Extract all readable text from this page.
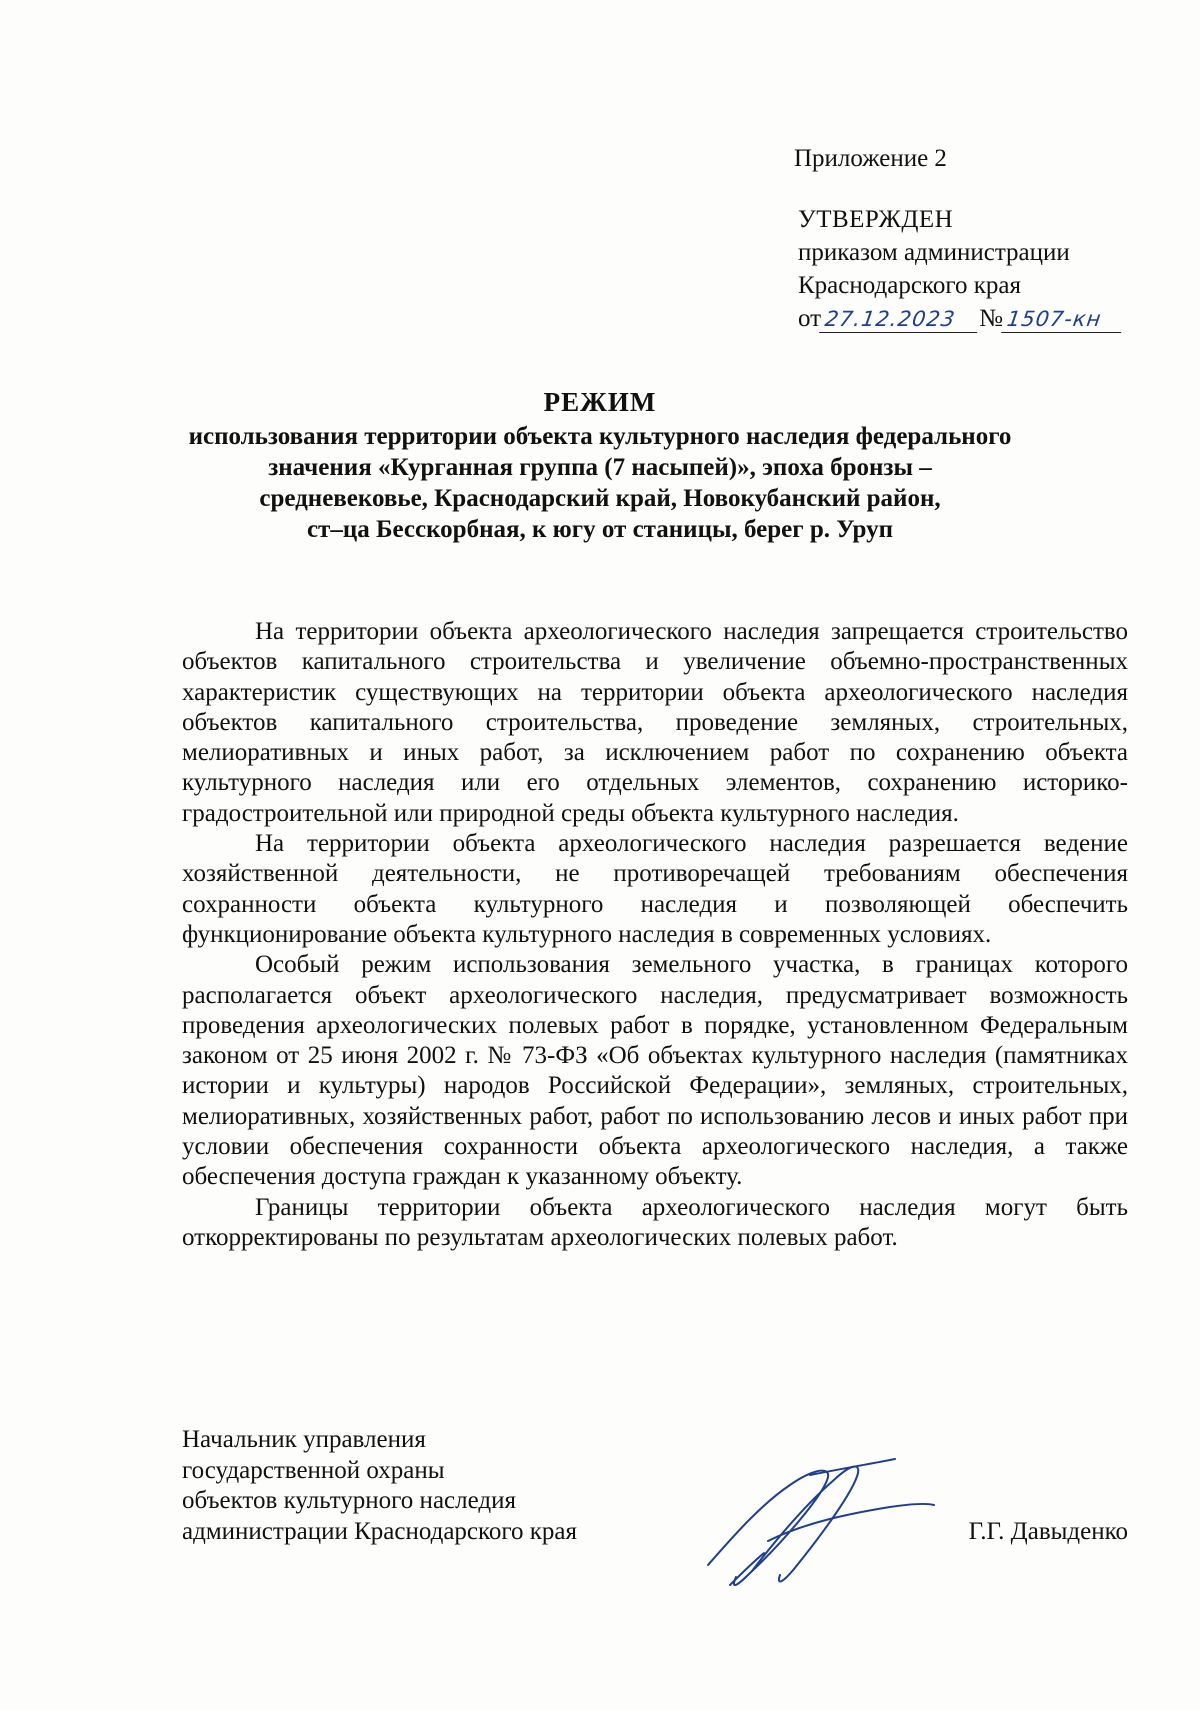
Приложение 2
УТВЕРЖДЕН
приказом администрации
Краснодарского края
от 27.12.2023 № 1507-кн
РЕЖИМ
использования территории объекта культурного наследия федерального
значения «Курганная группа (7 насыпей)», эпоха бронзы –
средневековье, Краснодарский край, Новокубанский район,
ст–ца Бесскорбная, к югу от станицы, берег р. Уруп

На территории объекта археологического наследия запрещается строительство объектов капитального строительства и увеличение объемно-пространственных характеристик существующих на территории объекта археологического наследия объектов капитального строительства, проведение земляных, строительных, мелиоративных и иных работ, за исключением работ по сохранению объекта культурного наследия или его отдельных элементов, сохранению историко-градостроительной или природной среды объекта культурного наследия.

На территории объекта археологического наследия разрешается ведение хозяйственной деятельности, не противоречащей требованиям обеспечения сохранности объекта культурного наследия и позволяющей обеспечить функционирование объекта культурного наследия в современных условиях.

Особый режим использования земельного участка, в границах которого располагается объект археологического наследия, предусматривает возможность проведения археологических полевых работ в порядке, установленном Федеральным законом от 25 июня 2002 г. № 73-ФЗ «Об объектах культурного наследия (памятниках истории и культуры) народов Российской Федерации», земляных, строительных, мелиоративных, хозяйственных работ, работ по использованию лесов и иных работ при условии обеспечения сохранности объекта археологического наследия, а также обеспечения доступа граждан к указанному объекту.

Границы территории объекта археологического наследия могут быть откорректированы по результатам археологических полевых работ.

Начальник управления
государственной охраны
объектов культурного наследия
администрации Краснодарского края	Г.Г. Давыденко
